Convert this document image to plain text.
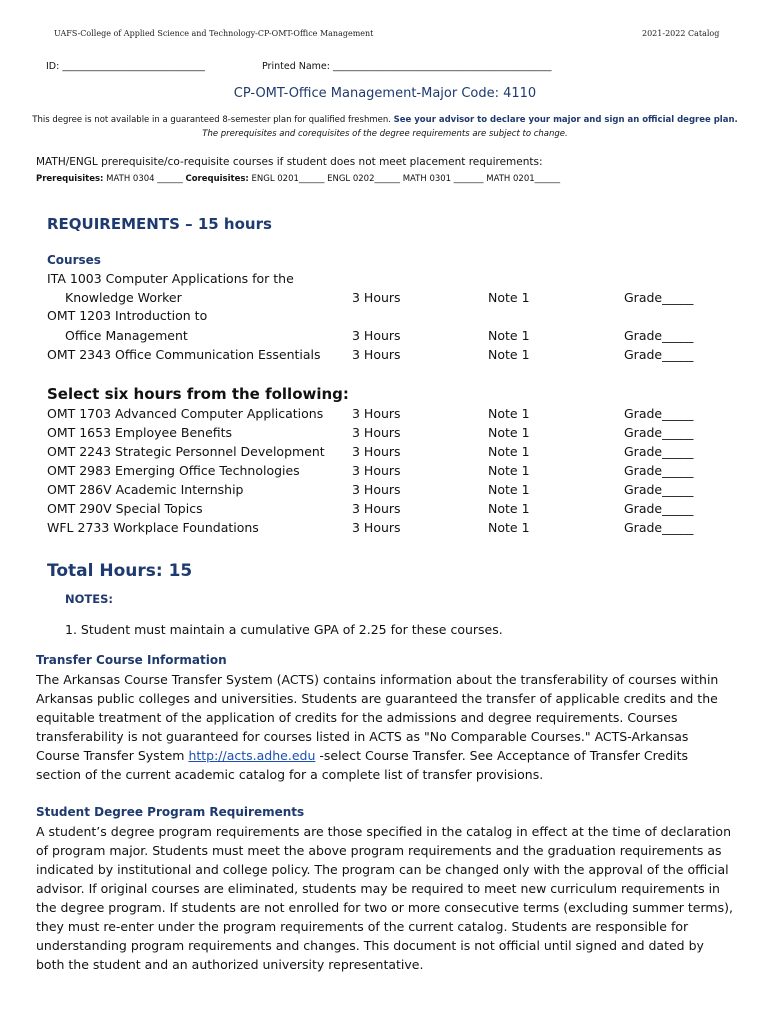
UAFS-College of Applied Science and Technology-CP-OMT-Office Management	2021-2022 Catalog
ID: ______________________________	Printed Name: ______________________________________________
CP-OMT-Office Management-Major Code: 4110
This degree is not available in a guaranteed 8-semester plan for qualified freshmen. See your advisor to declare your major and sign an official degree plan.
The prerequisites and corequisites of the degree requirements are subject to change.
MATH/ENGL prerequisite/co-requisite courses if student does not meet placement requirements:
Prerequisites: MATH 0304 ______ Corequisites: ENGL 0201______ ENGL 0202______ MATH 0301 _______ MATH 0201______
REQUIREMENTS – 15 hours
Courses
ITA 1003 Computer Applications for the
Knowledge Worker	3 Hours	Note 1	Grade_____
OMT 1203 Introduction to
Office Management	3 Hours	Note 1	Grade_____
OMT 2343 Office Communication Essentials	3 Hours	Note 1	Grade_____
Select six hours from the following:
OMT 1703 Advanced Computer Applications 3 Hours	Note 1	Grade_____
OMT 1653 Employee Benefits	3 Hours	Note 1	Grade_____
OMT 2243 Strategic Personnel Development 3 Hours	Note 1	Grade_____
OMT 2983 Emerging Office Technologies	3 Hours	Note 1	Grade_____
OMT 286V Academic Internship	3 Hours	Note 1	Grade_____
OMT 290V Special Topics	3 Hours	Note 1	Grade_____
WFL 2733 Workplace Foundations	3 Hours	Note 1	Grade_____
Total Hours: 15
NOTES:
1. Student must maintain a cumulative GPA of 2.25 for these courses.
Transfer Course Information
The Arkansas Course Transfer System (ACTS) contains information about the transferability of courses within Arkansas public colleges and universities. Students are guaranteed the transfer of applicable credits and the equitable treatment of the application of credits for the admissions and degree requirements. Courses transferability is not guaranteed for courses listed in ACTS as "No Comparable Courses." ACTS-Arkansas Course Transfer System http://acts.adhe.edu -select Course Transfer. See Acceptance of Transfer Credits section of the current academic catalog for a complete list of transfer provisions.
Student Degree Program Requirements
A student’s degree program requirements are those specified in the catalog in effect at the time of declaration of program major. Students must meet the above program requirements and the graduation requirements as indicated by institutional and college policy. The program can be changed only with the approval of the official advisor. If original courses are eliminated, students may be required to meet new curriculum requirements in the degree program. If students are not enrolled for two or more consecutive terms (excluding summer terms), they must re-enter under the program requirements of the current catalog. Students are responsible for understanding program requirements and changes. This document is not official until signed and dated by both the student and an authorized university representative.
